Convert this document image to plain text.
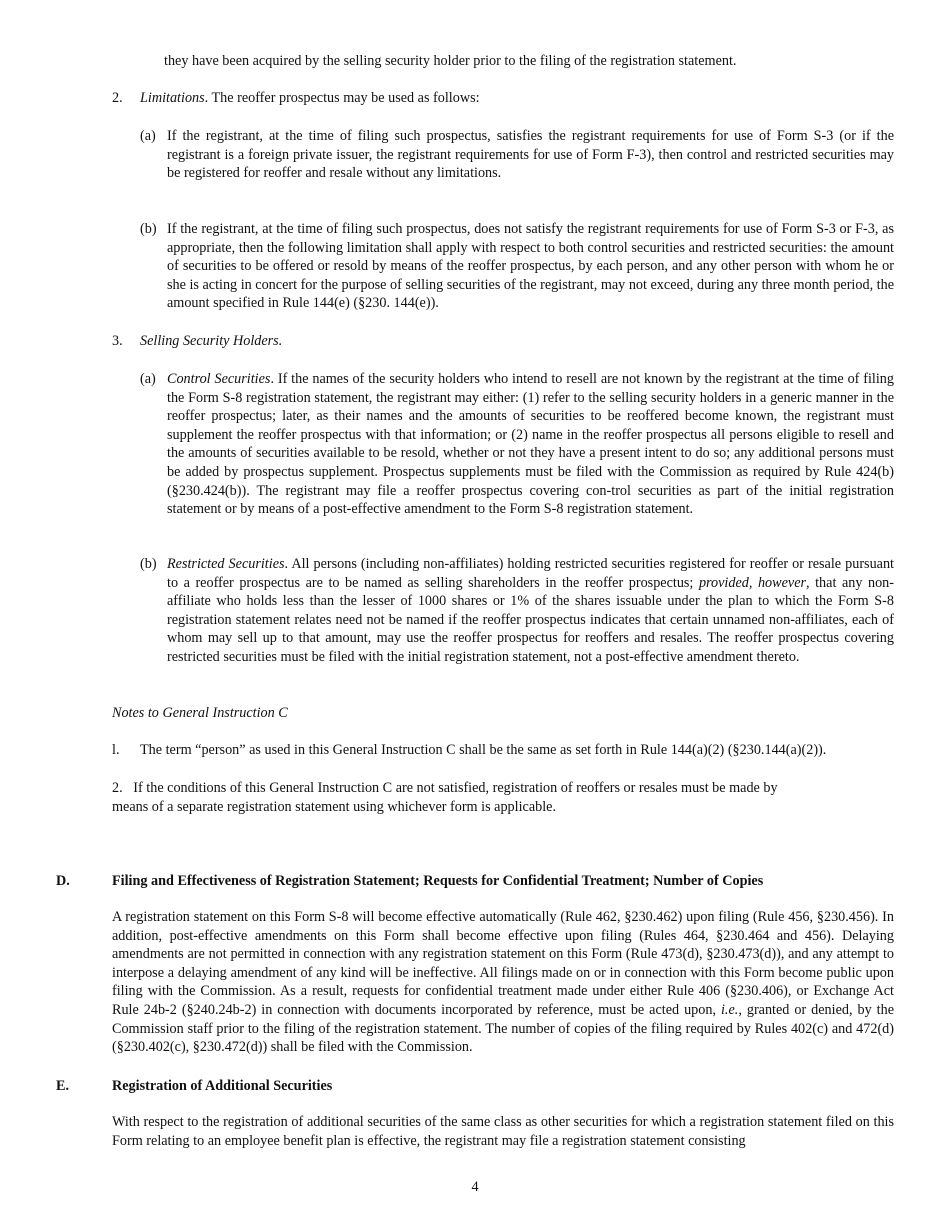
they have been acquired by the selling security holder prior to the filing of the registration statement.

2. Limitations. The reoffer prospectus may be used as follows:

(a) If the registrant, at the time of filing such prospectus, satisfies the registrant requirements for use of Form S-3 (or if the registrant is a foreign private issuer, the registrant requirements for use of Form F-3), then control and restricted securities may be registered for reoffer and resale without any limitations.

(b) If the registrant, at the time of filing such prospectus, does not satisfy the registrant requirements for use of Form S-3 or F-3, as appropriate, then the following limitation shall apply with respect to both control securities and restricted securities: the amount of securities to be offered or resold by means of the reoffer prospectus, by each person, and any other person with whom he or she is acting in concert for the purpose of selling securities of the registrant, may not exceed, during any three month period, the amount specified in Rule 144(e) (§230. 144(e)).

3. Selling Security Holders.

(a) Control Securities. If the names of the security holders who intend to resell are not known by the registrant at the time of filing the Form S-8 registration statement, the registrant may either: (1) refer to the selling security holders in a generic manner in the reoffer prospectus; later, as their names and the amounts of securities to be reoffered become known, the registrant must supplement the reoffer prospectus with that information; or (2) name in the reoffer prospectus all persons eligible to resell and the amounts of securities available to be resold, whether or not they have a present intent to do so; any additional persons must be added by prospectus supplement. Prospectus supplements must be filed with the Commission as required by Rule 424(b) (§230.424(b)). The registrant may file a reoffer prospectus covering con-trol securities as part of the initial registration statement or by means of a post-effective amendment to the Form S-8 registration statement.

(b) Restricted Securities. All persons (including non-affiliates) holding restricted securities registered for reoffer or resale pursuant to a reoffer prospectus are to be named as selling shareholders in the reoffer prospectus; provided, however, that any non-affiliate who holds less than the lesser of 1000 shares or 1% of the shares issuable under the plan to which the Form S-8 registration statement relates need not be named if the reoffer prospectus indicates that certain unnamed non-affiliates, each of whom may sell up to that amount, may use the reoffer prospectus for reoffers and resales. The reoffer prospectus covering restricted securities must be filed with the initial registration statement, not a post-effective amendment thereto.

Notes to General Instruction C

l. The term “person” as used in this General Instruction C shall be the same as set forth in Rule 144(a)(2) (§230.144(a)(2)).

2. If the conditions of this General Instruction C are not satisfied, registration of reoffers or resales must be made by
means of a separate registration statement using whichever form is applicable.

D.	Filing and Effectiveness of Registration Statement; Requests for Confidential Treatment; Number of Copies

A registration statement on this Form S-8 will become effective automatically (Rule 462, §230.462) upon filing (Rule 456, §230.456). In addition, post-effective amendments on this Form shall become effective upon filing (Rules 464, §230.464 and 456). Delaying amendments are not permitted in connection with any registration statement on this Form (Rule 473(d), §230.473(d)), and any attempt to interpose a delaying amendment of any kind will be ineffective. All filings made on or in connection with this Form become public upon filing with the Commission. As a result, requests for confidential treatment made under either Rule 406 (§230.406), or Exchange Act Rule 24b-2 (§240.24b-2) in connection with documents incorporated by reference, must be acted upon, i.e., granted or denied, by the Commission staff prior to the filing of the registration statement. The number of copies of the filing required by Rules 402(c) and 472(d) (§230.402(c), §230.472(d)) shall be filed with the Commission.

E.	Registration of Additional Securities

With respect to the registration of additional securities of the same class as other securities for which a registration statement filed on this Form relating to an employee benefit plan is effective, the registrant may file a registration statement consisting

4
